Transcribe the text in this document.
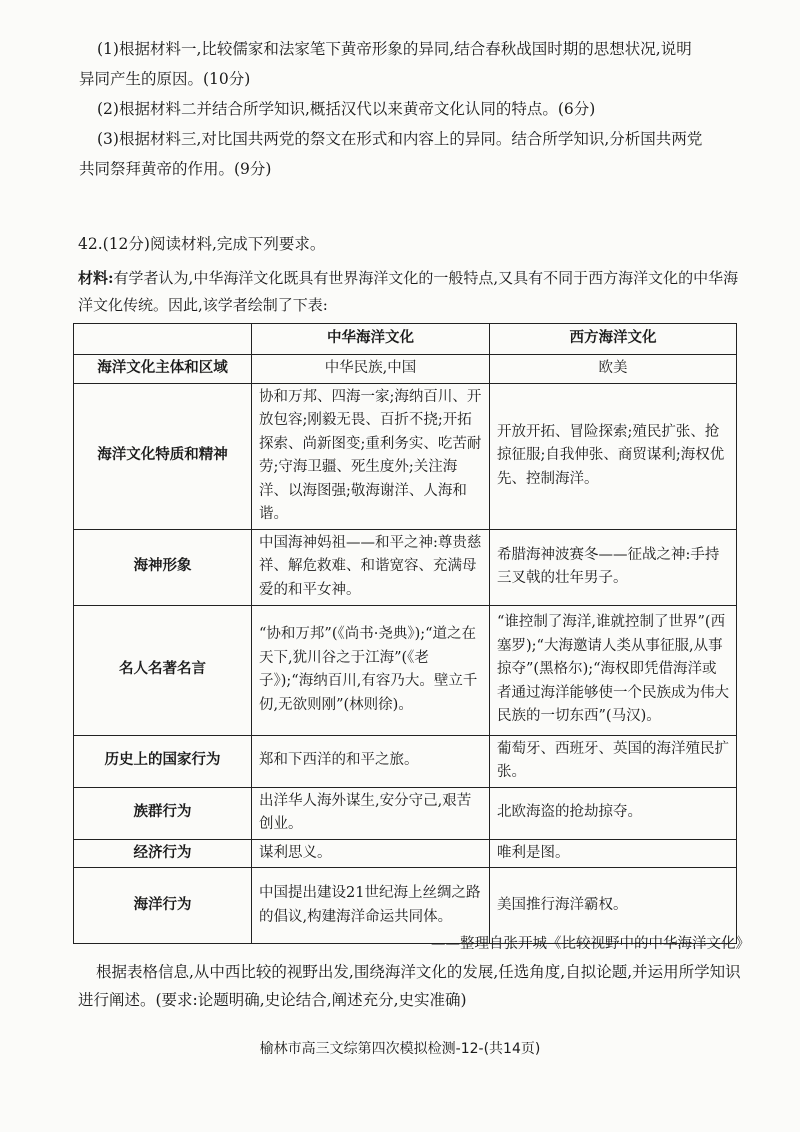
(1)根据材料一,比较儒家和法家笔下黄帝形象的异同,结合春秋战国时期的思想状况,说明
异同产生的原因。(10分)
(2)根据材料二并结合所学知识,概括汉代以来黄帝文化认同的特点。(6分)
(3)根据材料三,对比国共两党的祭文在形式和内容上的异同。结合所学知识,分析国共两党
共同祭拜黄帝的作用。(9分)
42.(12分)阅读材料,完成下列要求。
材料:有学者认为,中华海洋文化既具有世界海洋文化的一般特点,又具有不同于西方海洋文化的中华海洋文化传统。因此,该学者绘制了下表:
	中华海洋文化	西方海洋文化
海洋文化主体和区域	中华民族,中国	欧美
海洋文化特质和精神	协和万邦、四海一家;海纳百川、开放包容;刚毅无畏、百折不挠;开拓探索、尚新图变;重利务实、吃苦耐劳;守海卫疆、死生度外;关注海洋、以海图强;敬海谢洋、人海和谐。	开放开拓、冒险探索;殖民扩张、抢掠征服;自我伸张、商贸谋利;海权优先、控制海洋。
海神形象	中国海神妈祖——和平之神:尊贵慈祥、解危救难、和谐宽容、充满母爱的和平女神。	希腊海神波赛冬——征战之神:手持三叉戟的壮年男子。
名人名著名言	“协和万邦”(《尚书·尧典》);“道之在天下,犹川谷之于江海”(《老子》);“海纳百川,有容乃大。壁立千仞,无欲则刚”(林则徐)。	“谁控制了海洋,谁就控制了世界”(西塞罗);“大海邀请人类从事征服,从事掠夺”(黑格尔);“海权即凭借海洋或者通过海洋能够使一个民族成为伟大民族的一切东西”(马汉)。
历史上的国家行为	郑和下西洋的和平之旅。	葡萄牙、西班牙、英国的海洋殖民扩张。
族群行为	出洋华人海外谋生,安分守己,艰苦创业。	北欧海盗的抢劫掠夺。
经济行为	谋利思义。	唯利是图。
海洋行为	中国提出建设21世纪海上丝绸之路的倡议,构建海洋命运共同体。	美国推行海洋霸权。
——整理自张开城《比较视野中的中华海洋文化》
根据表格信息,从中西比较的视野出发,围绕海洋文化的发展,任选角度,自拟论题,并运用所学知识进行阐述。(要求:论题明确,史论结合,阐述充分,史实准确)
榆林市高三文综第四次模拟检测-12-(共14页)
